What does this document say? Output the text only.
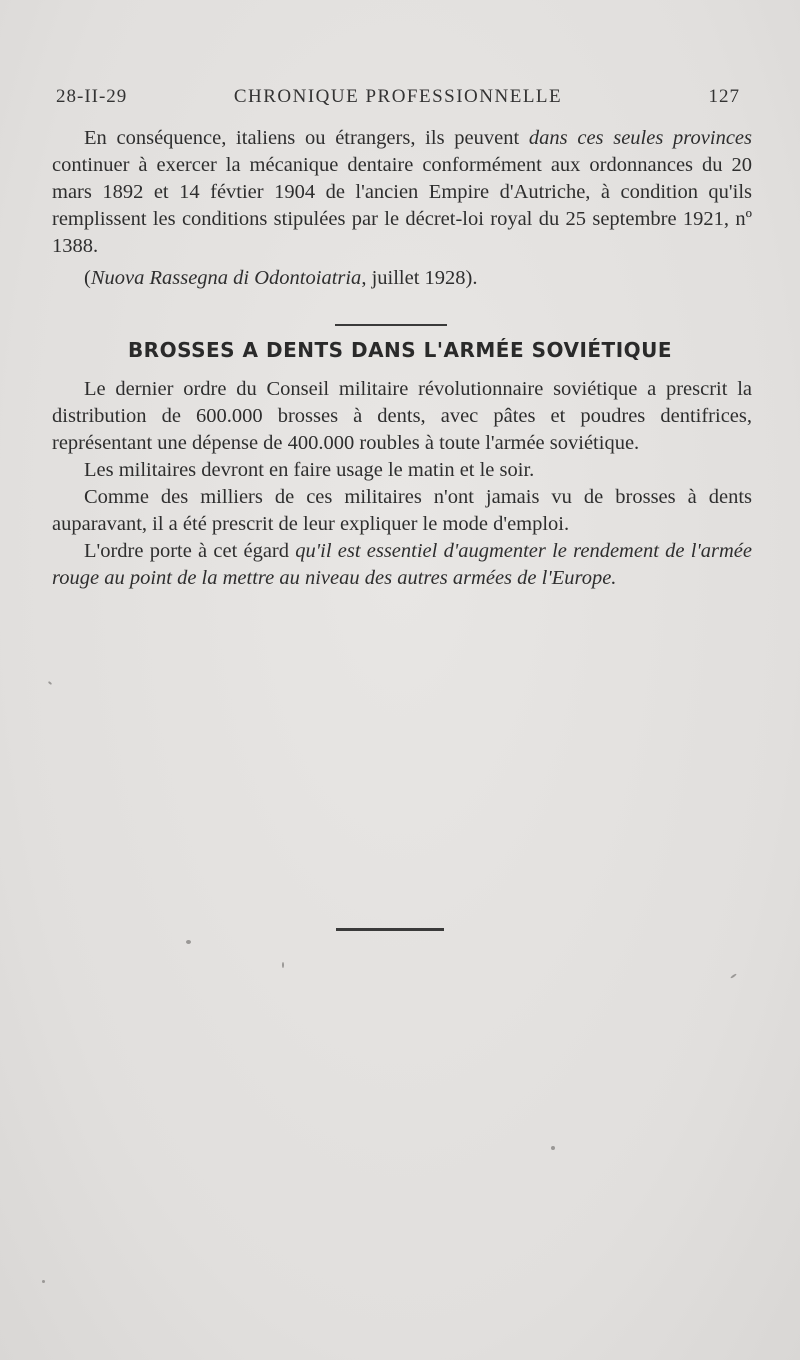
28-II-29	CHRONIQUE PROFESSIONNELLE	127

En conséquence, italiens ou étrangers, ils peuvent dans ces seules provinces continuer à exercer la mécanique dentaire conformément aux ordonnances du 20 mars 1892 et 14 févtier 1904 de l'ancien Empire d'Autriche, à condition qu'ils remplissent les conditions stipulées par le décret-loi royal du 25 septembre 1921, nº 1388.

(Nuova Rassegna di Odontoiatria, juillet 1928).
BROSSES A DENTS DANS L'ARMÉE SOVIÉTIQUE

Le dernier ordre du Conseil militaire révolutionnaire soviétique a prescrit la distribution de 600.000 brosses à dents, avec pâtes et poudres dentifrices, représentant une dépense de 400.000 roubles à toute l'armée soviétique.

Les militaires devront en faire usage le matin et le soir.

Comme des milliers de ces militaires n'ont jamais vu de brosses à dents auparavant, il a été prescrit de leur expliquer le mode d'emploi.

L'ordre porte à cet égard qu'il est essentiel d'augmenter le rendement de l'armée rouge au point de la mettre au niveau des autres armées de l'Europe.
